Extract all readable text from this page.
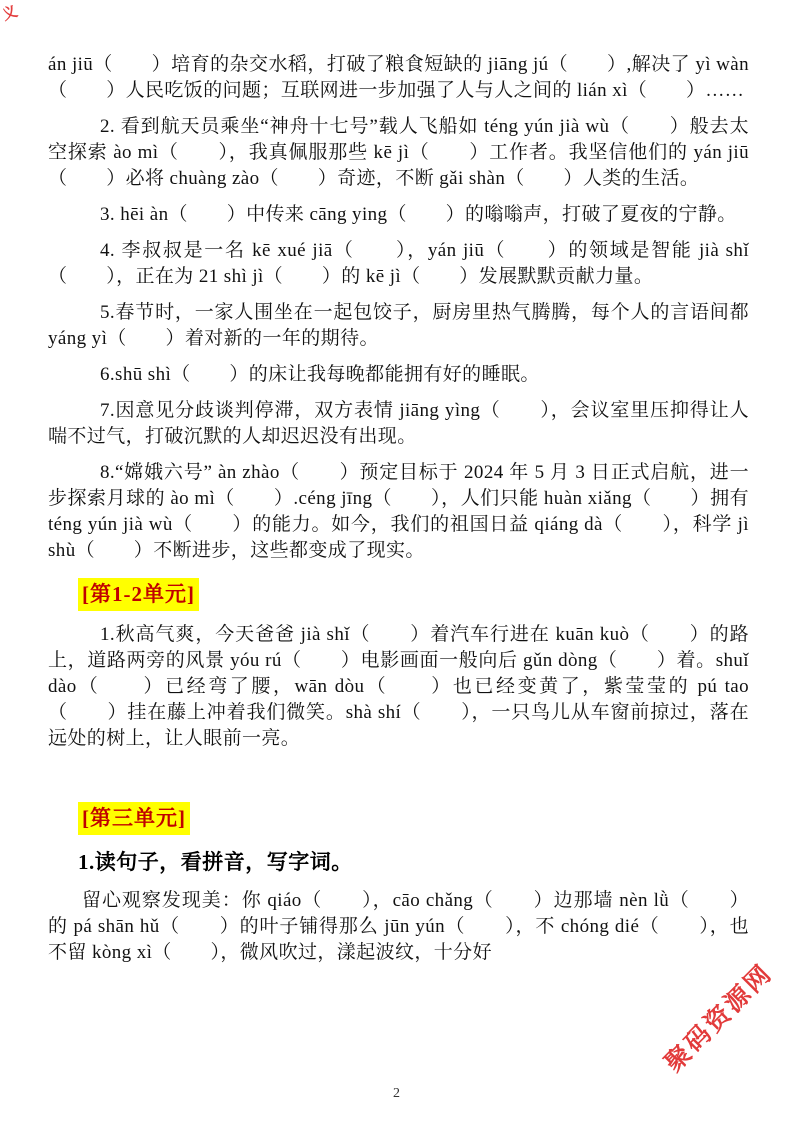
义

án jiū（　　）培育的杂交水稻，打破了粮食短缺的 jiāng jú（　　）,解决了 yì wàn（　　）人民吃饭的问题；互联网进一步加强了人与人之间的 lián xì（　　）……

2. 看到航天员乘坐“神舟十七号”载人飞船如 téng yún jià wù（　　）般去太空探索 ào mì（　　），我真佩服那些 kē jì（　　）工作者。我坚信他们的 yán jiū（　　）必将 chuàng zào（　　）奇迹，不断 gǎi shàn（　　）人类的生活。

3. hēi àn（　　）中传来 cāng ying（　　）的嗡嗡声，打破了夏夜的宁静。

4. 李叔叔是一名 kē xué jiā（　　），yán jiū（　　）的领域是智能 jià shǐ（　　），正在为 21 shì jì（　　）的 kē jì（　　）发展默默贡献力量。

5.春节时，一家人围坐在一起包饺子，厨房里热气腾腾，每个人的言语间都 yáng yì（　　）着对新的一年的期待。

6.shū shì（　　）的床让我每晚都能拥有好的睡眠。

7.因意见分歧谈判停滞，双方表情 jiāng yìng（　　），会议室里压抑得让人喘不过气，打破沉默的人却迟迟没有出现。

8.“嫦娥六号” àn zhào（　　）预定目标于 2024 年 5 月 3 日正式启航，进一步探索月球的 ào mì（　　）.céng jīng（　　），人们只能 huàn xiǎng（　　）拥有 téng yún jià wù（　　）的能力。如今，我们的祖国日益 qiáng dà（　　），科学 jì shù（　　）不断进步，这些都变成了现实。

[第1-2单元]

1.秋高气爽，今天爸爸 jià shǐ（　　）着汽车行进在 kuān kuò（　　）的路上，道路两旁的风景 yóu rú（　　）电影画面一般向后 gǔn dòng（　　）着。shuǐ dào（　　）已经弯了腰，wān dòu（　　）也已经变黄了，紫莹莹的 pú tao（　　）挂在藤上冲着我们微笑。shà shí（　　），一只鸟儿从车窗前掠过，落在远处的树上，让人眼前一亮。

[第三单元]
1.读句子，看拼音，写字词。

留心观察发现美：你 qiáo（　　），cāo chǎng（　　）边那墙 nèn lǜ（　　）的 pá shān hǔ（　　）的叶子铺得那么 jūn yún（　　），不 chóng dié（　　），也不留 kòng xì（　　），微风吹过，漾起波纹，十分好

2
聚码资源网
